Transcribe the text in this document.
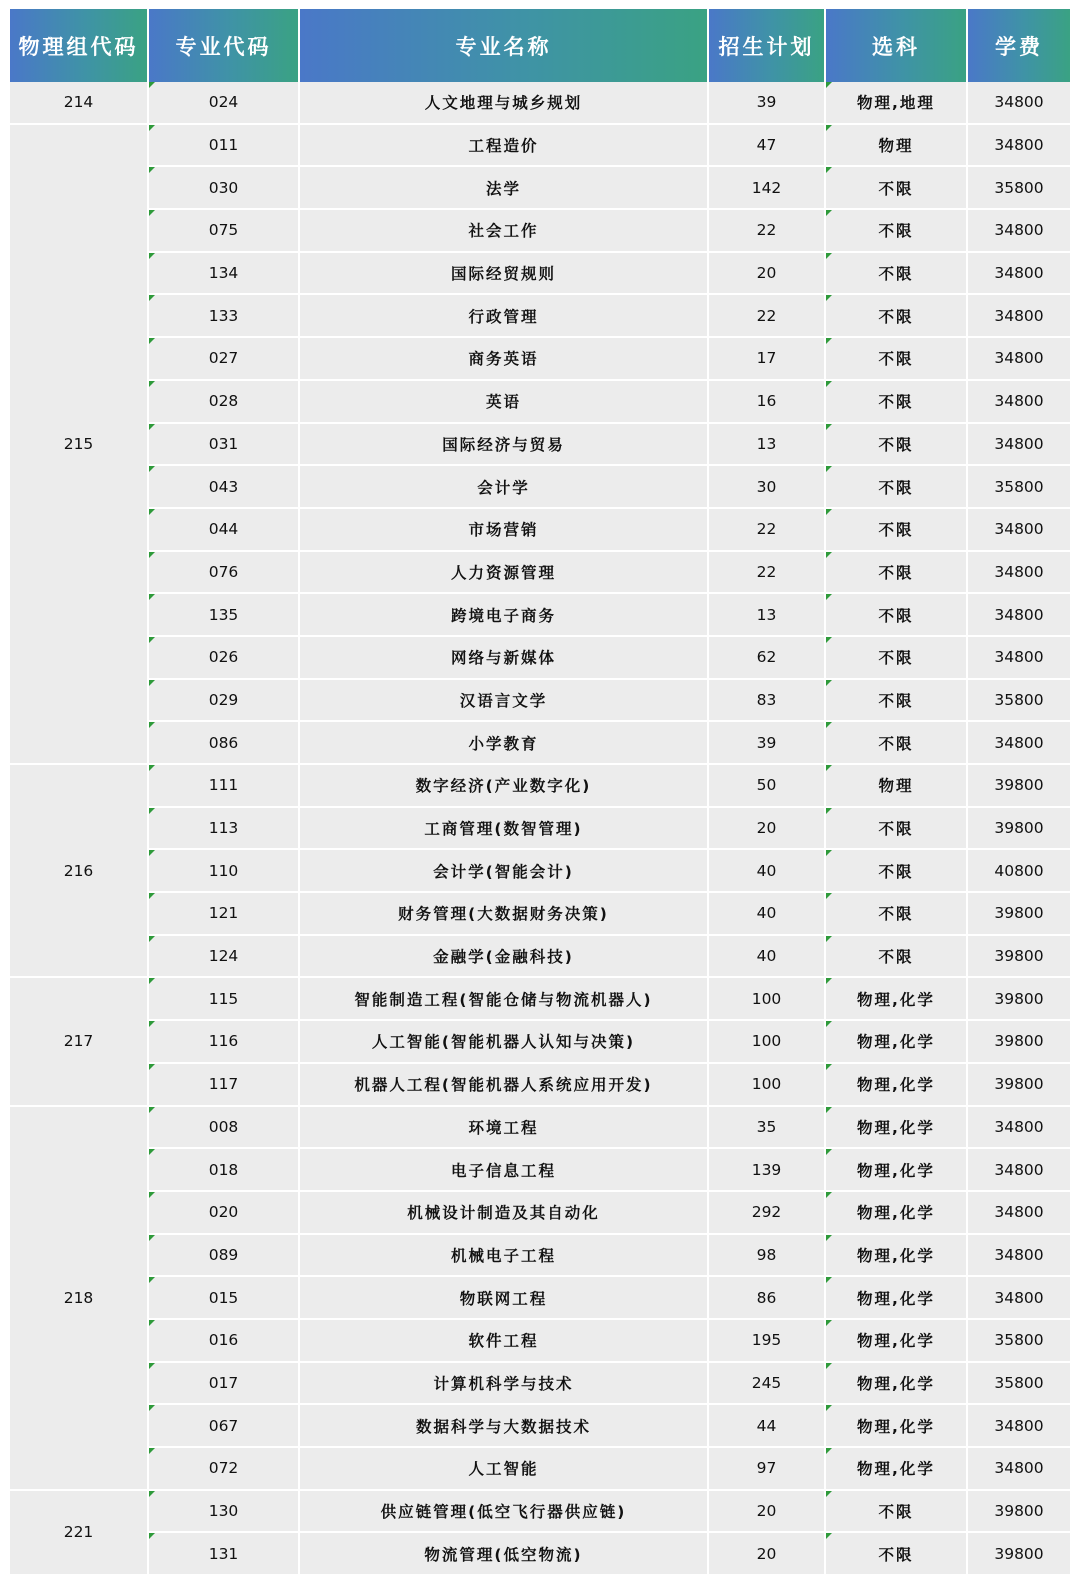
物理组代码	专业代码	专业名称	招生计划	选科	学费
214	024	人文地理与城乡规划	39	物理,地理	34800
215	011	工程造价	47	物理	34800
	030	法学	142	不限	35800
	075	社会工作	22	不限	34800
	134	国际经贸规则	20	不限	34800
	133	行政管理	22	不限	34800
	027	商务英语	17	不限	34800
	028	英语	16	不限	34800
	031	国际经济与贸易	13	不限	34800
	043	会计学	30	不限	35800
	044	市场营销	22	不限	34800
	076	人力资源管理	22	不限	34800
	135	跨境电子商务	13	不限	34800
	026	网络与新媒体	62	不限	34800
	029	汉语言文学	83	不限	35800
	086	小学教育	39	不限	34800
216	111	数字经济(产业数字化)	50	物理	39800
	113	工商管理(数智管理)	20	不限	39800
	110	会计学(智能会计)	40	不限	40800
	121	财务管理(大数据财务决策)	40	不限	39800
	124	金融学(金融科技)	40	不限	39800
217	115	智能制造工程(智能仓储与物流机器人)	100	物理,化学	39800
	116	人工智能(智能机器人认知与决策)	100	物理,化学	39800
	117	机器人工程(智能机器人系统应用开发)	100	物理,化学	39800
218	008	环境工程	35	物理,化学	34800
	018	电子信息工程	139	物理,化学	34800
	020	机械设计制造及其自动化	292	物理,化学	34800
	089	机械电子工程	98	物理,化学	34800
	015	物联网工程	86	物理,化学	34800
	016	软件工程	195	物理,化学	35800
	017	计算机科学与技术	245	物理,化学	35800
	067	数据科学与大数据技术	44	物理,化学	34800
	072	人工智能	97	物理,化学	34800
221	130	供应链管理(低空飞行器供应链)	20	不限	39800
	131	物流管理(低空物流)	20	不限	39800
